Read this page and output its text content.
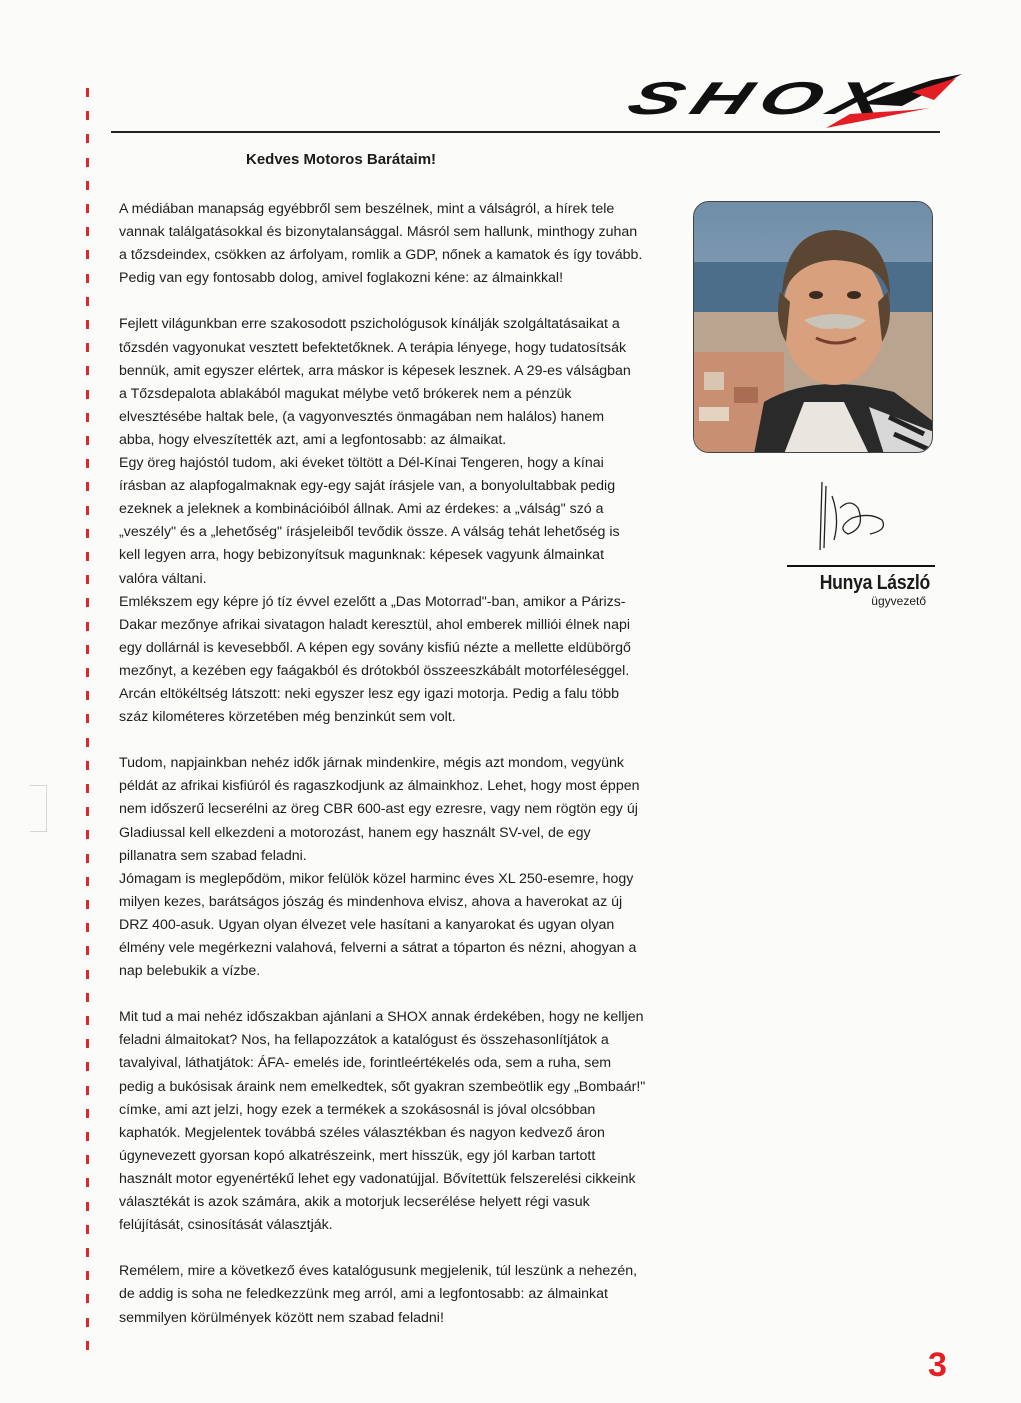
SHOX
Kedves Motoros Barátaim!

A médiában manapság egyébbről sem beszélnek, mint a válságról, a hírek tele

vannak találgatásokkal és bizonytalansággal. Másról sem hallunk, minthogy zuhan

a tőzsdeindex, csökken az árfolyam, romlik a GDP, nőnek a kamatok és így tovább.

Pedig van egy fontosabb dolog, amivel foglakozni kéne: az álmainkkal!

Fejlett világunkban erre szakosodott pszichológusok kínálják szolgáltatásaikat a

tőzsdén vagyonukat vesztett befektetőknek. A terápia lényege, hogy tudatosítsák

bennük, amit egyszer elértek, arra máskor is képesek lesznek. A 29-es válságban

a Tőzsdepalota ablakából magukat mélybe vető brókerek nem a pénzük

elvesztésébe haltak bele, (a vagyonvesztés önmagában nem halálos) hanem

abba, hogy elveszítették azt, ami a legfontosabb: az álmaikat.

Egy öreg hajóstól tudom, aki éveket töltött a Dél-Kínai Tengeren, hogy a kínai

írásban az alapfogalmaknak egy-egy saját írásjele van, a bonyolultabbak pedig

ezeknek a jeleknek a kombinációiból állnak. Ami az érdekes: a „válság" szó a

„veszély" és a „lehetőség" írásjeleiből tevődik össze. A válság tehát lehetőség is

kell legyen arra, hogy bebizonyítsuk magunknak: képesek vagyunk álmainkat

valóra váltani.

Emlékszem egy képre jó tíz évvel ezelőtt a „Das Motorrad"-ban, amikor a Párizs-

Dakar mezőnye afrikai sivatagon haladt keresztül, ahol emberek milliói élnek napi

egy dollárnál is kevesebből. A képen egy sovány kisfiú nézte a mellette eldübörgő

mezőnyt, a kezében egy faágakból és drótokból összeeszkábált motorféleséggel.

Arcán eltökéltség látszott: neki egyszer lesz egy igazi motorja. Pedig a falu több

száz kilométeres körzetében még benzinkút sem volt.

Tudom, napjainkban nehéz idők járnak mindenkire, mégis azt mondom, vegyünk

példát az afrikai kisfiúról és ragaszkodjunk az álmainkhoz. Lehet, hogy most éppen

nem időszerű lecserélni az öreg CBR 600-ast egy ezresre, vagy nem rögtön egy új

Gladiussal kell elkezdeni a motorozást, hanem egy használt SV-vel, de egy

pillanatra sem szabad feladni.

Jómagam is meglepődöm, mikor felülök közel harminc éves XL 250-esemre, hogy

milyen kezes, barátságos jószág és mindenhova elvisz, ahova a haverokat az új

DRZ 400-asuk. Ugyan olyan élvezet vele hasítani a kanyarokat és ugyan olyan

élmény vele megérkezni valahová, felverni a sátrat a tóparton és nézni, ahogyan a

nap belebukik a vízbe.

Mit tud a mai nehéz időszakban ajánlani a SHOX annak érdekében, hogy ne kelljen

feladni álmaitokat? Nos, ha fellapozzátok a katalógust és összehasonlítjátok a

tavalyival, láthatjátok: ÁFA- emelés ide, forintleértékelés oda, sem a ruha, sem

pedig a bukósisak áraink nem emelkedtek, sőt gyakran szembeötlik egy „Bombaár!"

címke, ami azt jelzi, hogy ezek a termékek a szokásosnál is jóval olcsóbban

kaphatók. Megjelentek továbbá széles választékban és nagyon kedvező áron

úgynevezett gyorsan kopó alkatrészeink, mert hisszük, egy jól karban tartott

használt motor egyenértékű lehet egy vadonatújjal. Bővítettük felszerelési cikkeink

választékát is azok számára, akik a motorjuk lecserélése helyett régi vasuk

felújítását, csinosítását választják.

Remélem, mire a következő éves katalógusunk megjelenik, túl leszünk a nehezén,

de addig is soha ne feledkezzünk meg arról, ami a legfontosabb: az álmainkat

semmilyen körülmények között nem szabad feladni!

Hunya László
ügyvezető
3
